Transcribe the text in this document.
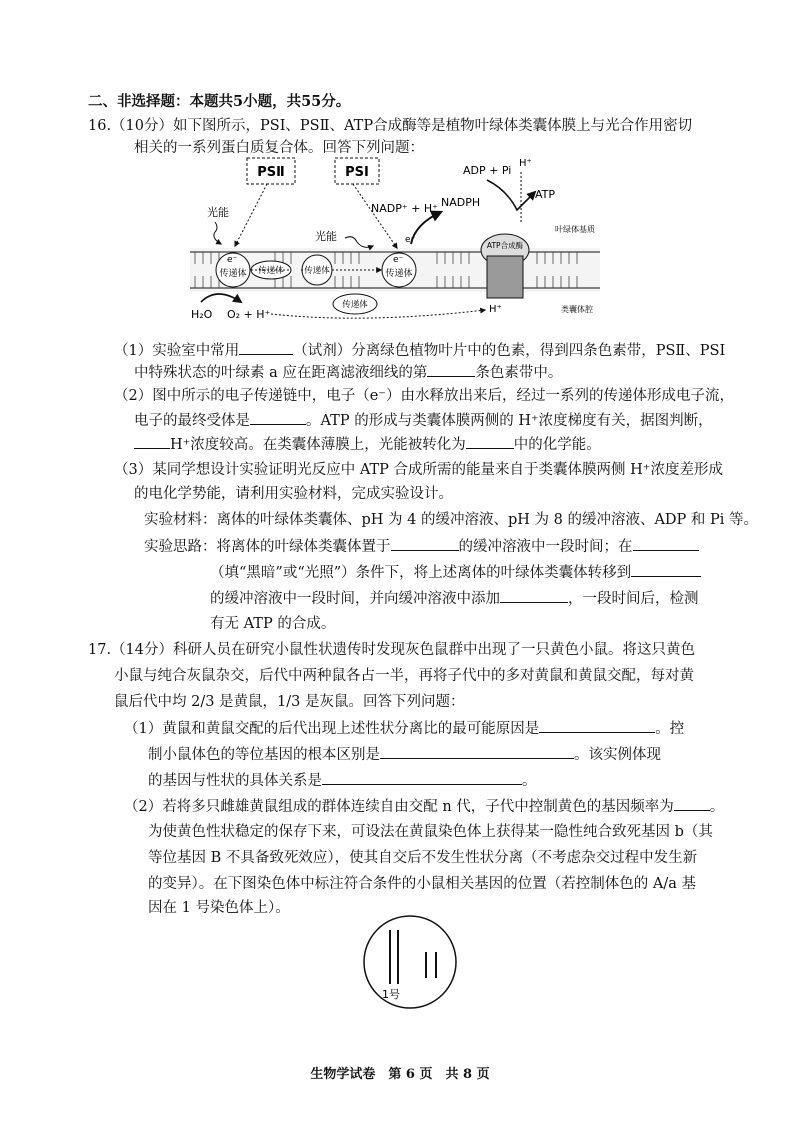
二、非选择题：本题共5小题，共55分。
16.（10分）如下图所示，PSⅠ、PSⅡ、ATP合成酶等是植物叶绿体类囊体膜上与光合作用密切
相关的一系列蛋白质复合体。回答下列问题：
PSⅡ	PSⅠ
光能
光能
e⁻
传递体 传递体 传递体
传递体
e⁻
传递体
e⁻
NADP⁺ + H⁺ NADPH
ATP合成酶
ADP + Pi
H⁺
ATP
叶绿体基质
类囊体腔
H₂O O₂ + H⁺	H⁺
（1）实验室中常用	（试剂）分离绿色植物叶片中的色素，得到四条色素带，PSⅡ、PSⅠ
中特殊状态的叶绿素 a 应在距离滤液细线的第	条色素带中。
（2）图中所示的电子传递链中，电子（e⁻）由水释放出来后，经过一系列的传递体形成电子流，
电子的最终受体是	。ATP 的形成与类囊体膜两侧的 H⁺浓度梯度有关，据图判断，
H⁺浓度较高。在类囊体薄膜上，光能被转化为	中的化学能。
（3）某同学想设计实验证明光反应中 ATP 合成所需的能量来自于类囊体膜两侧 H⁺浓度差形成
的电化学势能，请利用实验材料，完成实验设计。
实验材料：离体的叶绿体类囊体、pH 为 4 的缓冲溶液、pH 为 8 的缓冲溶液、ADP 和 Pi 等。
实验思路：将离体的叶绿体类囊体置于	的缓冲溶液中一段时间；在
（填“黑暗”或“光照”）条件下，将上述离体的叶绿体类囊体转移到
的缓冲溶液中一段时间，并向缓冲溶液中添加	，一段时间后，检测
有无 ATP 的合成。
17.（14分）科研人员在研究小鼠性状遗传时发现灰色鼠群中出现了一只黄色小鼠。将这只黄色
小鼠与纯合灰鼠杂交，后代中两种鼠各占一半，再将子代中的多对黄鼠和黄鼠交配，每对黄
鼠后代中均 2/3 是黄鼠，1/3 是灰鼠。回答下列问题：
（1）黄鼠和黄鼠交配的后代出现上述性状分离比的最可能原因是	。控
制小鼠体色的等位基因的根本区别是	。该实例体现
的基因与性状的具体关系是	。
（2）若将多只雌雄黄鼠组成的群体连续自由交配 n 代，子代中控制黄色的基因频率为 。
为使黄色性状稳定的保存下来，可设法在黄鼠染色体上获得某一隐性纯合致死基因 b（其
等位基因 B 不具备致死效应），使其自交后不发生性状分离（不考虑杂交过程中发生新
的变异）。在下图染色体中标注符合条件的小鼠相关基因的位置（若控制体色的 A/a 基
因在 1 号染色体上）。
1号
生物学试卷　第 6 页　共 8 页
